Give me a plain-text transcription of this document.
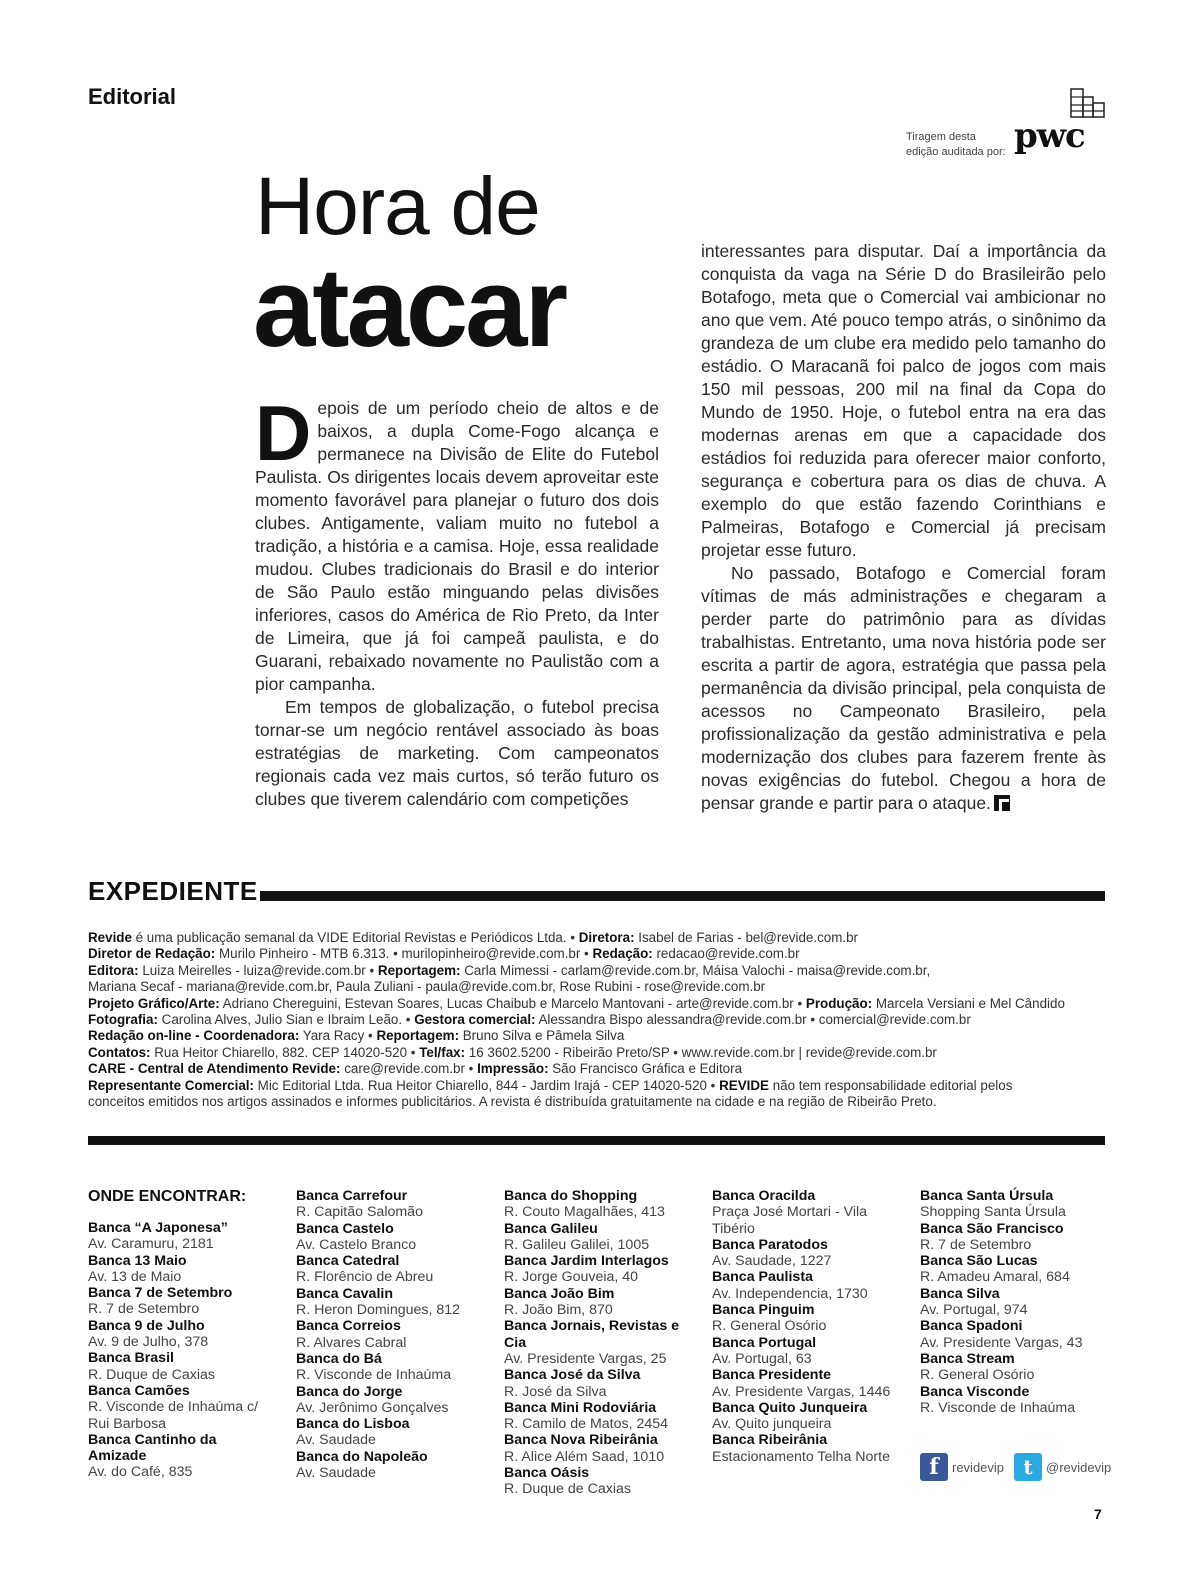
Editorial
Tiragem desta
edição auditada por: pwc
Hora de
atacar

Depois de um período cheio de altos e de baixos, a dupla Come-Fogo alcança e permanece na Divisão de Elite do Futebol Paulista. Os dirigentes locais devem aproveitar este momento favorável para planejar o futuro dos dois clubes. Antigamente, valiam muito no futebol a tradição, a história e a camisa. Hoje, essa realidade mudou. Clubes tradicionais do Brasil e do interior de São Paulo estão minguando pelas divisões inferiores, casos do América de Rio Preto, da Inter de Limeira, que já foi campeã paulista, e do Guarani, rebaixado novamente no Paulistão com a pior campanha.

Em tempos de globalização, o futebol precisa tornar-se um negócio rentável associado às boas estratégias de marketing. Com campeonatos regionais cada vez mais curtos, só terão futuro os clubes que tiverem calendário com competições

interessantes para disputar. Daí a importância da conquista da vaga na Série D do Brasileirão pelo Botafogo, meta que o Comercial vai ambicionar no ano que vem. Até pouco tempo atrás, o sinônimo da grandeza de um clube era medido pelo tamanho do estádio. O Maracanã foi palco de jogos com mais 150 mil pessoas, 200 mil na final da Copa do Mundo de 1950. Hoje, o futebol entra na era das modernas arenas em que a capacidade dos estádios foi reduzida para oferecer maior conforto, segurança e cobertura para os dias de chuva. A exemplo do que estão fazendo Corinthians e Palmeiras, Botafogo e Comercial já precisam projetar esse futuro.

No passado, Botafogo e Comercial foram vítimas de más administrações e chegaram a perder parte do patrimônio para as dívidas trabalhistas. Entretanto, uma nova história pode ser escrita a partir de agora, estratégia que passa pela permanência da divisão principal, pela conquista de acessos no Campeonato Brasileiro, pela profissionalização da gestão administrativa e pela modernização dos clubes para fazerem frente às novas exigências do futebol. Chegou a hora de pensar grande e partir para o ataque.

EXPEDIENTE
Revide é uma publicação semanal da VIDE Editorial Revistas e Periódicos Ltda. • Diretora: Isabel de Farias - bel@revide.com.br
Diretor de Redação: Murilo Pinheiro - MTB 6.313. • murilopinheiro@revide.com.br • Redação: redacao@revide.com.br
Editora: Luiza Meirelles - luiza@revide.com.br • Reportagem: Carla Mimessi - carlam@revide.com.br, Máisa Valochi - maisa@revide.com.br,
Mariana Secaf - mariana@revide.com.br, Paula Zuliani - paula@revide.com.br, Rose Rubini - rose@revide.com.br
Projeto Gráfico/Arte: Adriano Chereguini, Estevan Soares, Lucas Chaibub e Marcelo Mantovani - arte@revide.com.br • Produção: Marcela Versiani e Mel Cândido
Fotografia: Carolina Alves, Julio Sian e Ibraim Leão. • Gestora comercial: Alessandra Bispo alessandra@revide.com.br • comercial@revide.com.br
Redação on-line - Coordenadora: Yara Racy • Reportagem: Bruno Silva e Pâmela Silva
Contatos: Rua Heitor Chiarello, 882. CEP 14020-520 • Tel/fax: 16 3602.5200 - Ribeirão Preto/SP • www.revide.com.br | revide@revide.com.br
CARE - Central de Atendimento Revide: care@revide.com.br • Impressão: São Francisco Gráfica e Editora
Representante Comercial: Mic Editorial Ltda. Rua Heitor Chiarello, 844 - Jardim Irajá - CEP 14020-520 • REVIDE não tem responsabilidade editorial pelos
conceitos emitidos nos artigos assinados e informes publicitários. A revista é distribuída gratuitamente na cidade e na região de Ribeirão Preto.
ONDE ENCONTRAR:
Banca “A Japonesa”
Av. Caramuru, 2181
Banca 13 Maio
Av. 13 de Maio
Banca 7 de Setembro
R. 7 de Setembro
Banca 9 de Julho
Av. 9 de Julho, 378
Banca Brasil
R. Duque de Caxias
Banca Camões
R. Visconde de Inhaúma c/ Rui Barbosa
Banca Cantinho da Amizade
Av. do Café, 835
Banca Carrefour
R. Capitão Salomão
Banca Castelo
Av. Castelo Branco
Banca Catedral
R. Florêncio de Abreu
Banca Cavalin
R. Heron Domingues, 812
Banca Correios
R. Alvares Cabral
Banca do Bá
R. Visconde de Inhaúma
Banca do Jorge
Av. Jerônimo Gonçalves
Banca do Lisboa
Av. Saudade
Banca do Napoleão
Av. Saudade
Banca do Shopping
R. Couto Magalhães, 413
Banca Galileu
R. Galileu Galilei, 1005
Banca Jardim Interlagos
R. Jorge Gouveia, 40
Banca João Bim
R. João Bim, 870
Banca Jornais, Revistas e Cia
Av. Presidente Vargas, 25
Banca José da Silva
R. José da Silva
Banca Mini Rodoviária
R. Camilo de Matos, 2454
Banca Nova Ribeirânia
R. Alice Além Saad, 1010
Banca Oásis
R. Duque de Caxias
Banca Oracilda
Praça José Mortari - Vila Tibério
Banca Paratodos
Av. Saudade, 1227
Banca Paulista
Av. Independencia, 1730
Banca Pinguim
R. General Osório
Banca Portugal
Av. Portugal, 63
Banca Presidente
Av. Presidente Vargas, 1446
Banca Quito Junqueira
Av. Quito junqueira
Banca Ribeirânia
Estacionamento Telha Norte
Banca Santa Úrsula
Shopping Santa Úrsula
Banca São Francisco
R. 7 de Setembro
Banca São Lucas
R. Amadeu Amaral, 684
Banca Silva
Av. Portugal, 974
Banca Spadoni
Av. Presidente Vargas, 43
Banca Stream
R. General Osório
Banca Visconde
R. Visconde de Inhaúma
f	revidevip t	@revidevip
7
